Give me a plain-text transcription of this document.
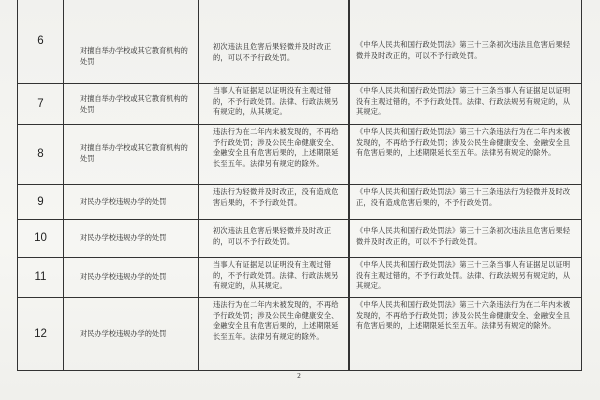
6
对擅自举办学校或其它教育机构的处罚
初次违法且危害后果轻微并及时改正的，可以不予行政处罚。
《中华人民共和国行政处罚法》第三十三条初次违法且危害后果轻微并及时改正的，可以不予行政处罚。
7	对擅自举办学校或其它教育机构的处罚
当事人有证据足以证明没有主观过错的，不予行政处罚。法律、行政法规另有规定的，从其规定。
《中华人民共和国行政处罚法》第三十三条当事人有证据足以证明没有主观过错的，不予行政处罚。法律、行政法规另有规定的，从其规定。
8
对擅自举办学校或其它教育机构的处罚
违法行为在二年内未被发现的，不再给予行政处罚；涉及公民生命健康安全、金融安全且有危害后果的，上述期限延长至五年。法律另有规定的除外。
《中华人民共和国行政处罚法》第三十六条违法行为在二年内未被发现的，不再给予行政处罚；涉及公民生命健康安全、金融安全且有危害后果的，上述期限延长至五年。法律另有规定的除外。
9	对民办学校违规办学的处罚
违法行为轻微并及时改正，没有造成危害后果的，不予行政处罚。
《中华人民共和国行政处罚法》第三十三条违法行为轻微并及时改正，没有造成危害后果的，不予行政处罚。
10	对民办学校违规办学的处罚
初次违法且危害后果轻微并及时改正的，可以不予行政处罚。
《中华人民共和国行政处罚法》第三十三条初次违法且危害后果轻微并及时改正的，可以不予行政处罚。
11	对民办学校违规办学的处罚
当事人有证据足以证明没有主观过错的，不予行政处罚。法律、行政法规另有规定的，从其规定。
《中华人民共和国行政处罚法》第三十三条当事人有证据足以证明没有主观过错的，不予行政处罚。法律、行政法规另有规定的，从其规定。
12	对民办学校违规办学的处罚
违法行为在二年内未被发现的，不再给予行政处罚；涉及公民生命健康安全、金融安全且有危害后果的，上述期限延长至五年。法律另有规定的除外。
《中华人民共和国行政处罚法》第三十六条违法行为在二年内未被发现的，不再给予行政处罚；涉及公民生命健康安全、金融安全且有危害后果的，上述期限延长至五年。法律另有规定的除外。
2
